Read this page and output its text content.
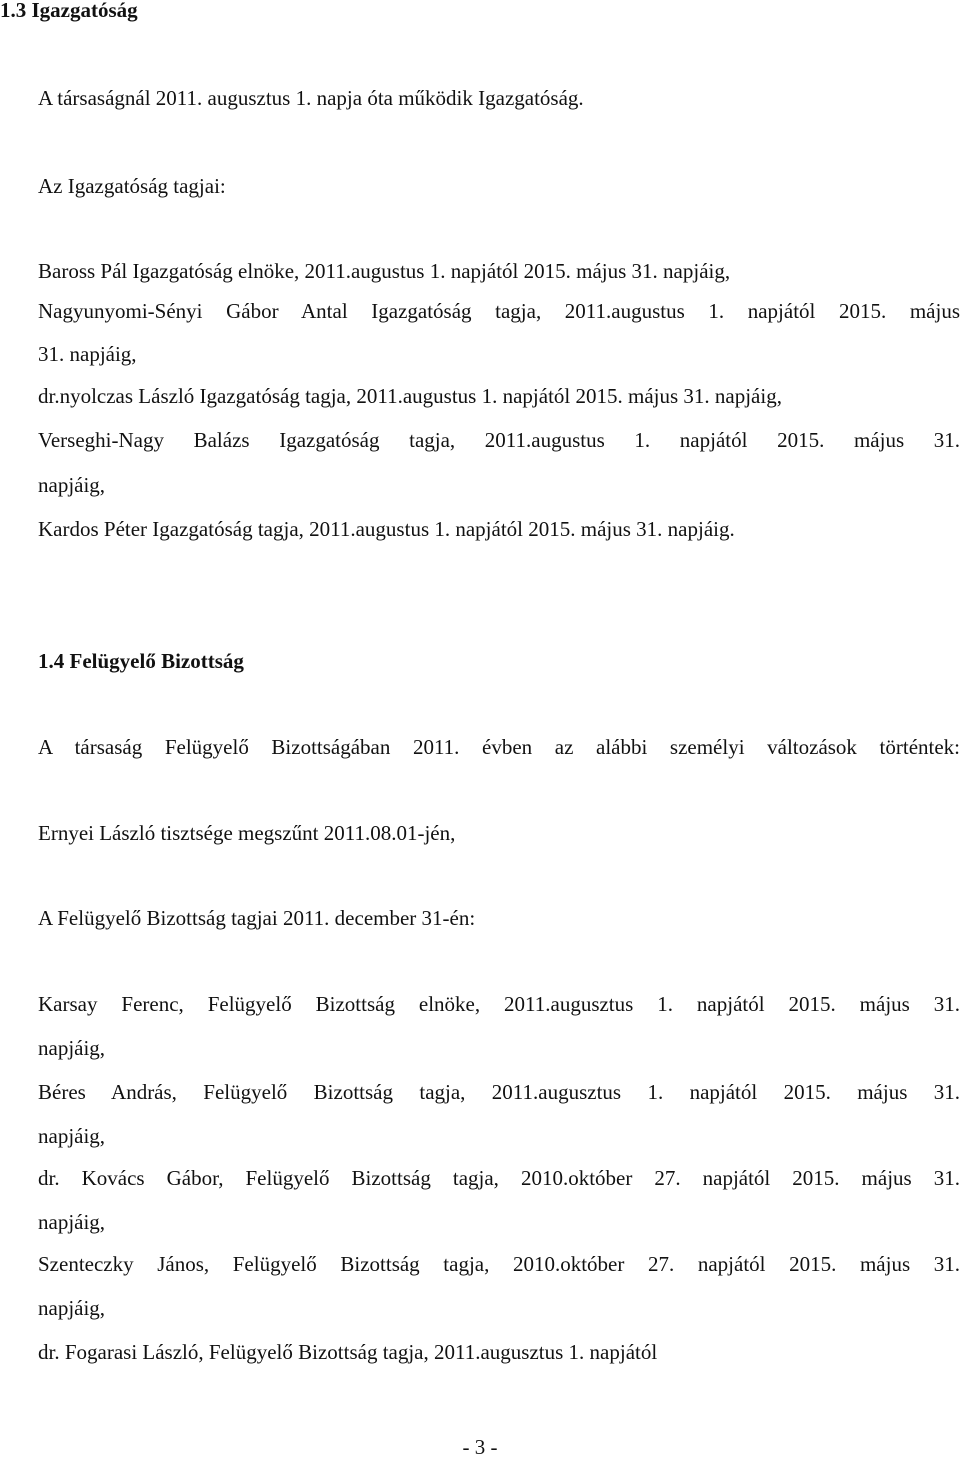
1.3 Igazgatóság
A társaságnál 2011. augusztus 1. napja óta működik Igazgatóság.
Az Igazgatóság tagjai:
Baross Pál Igazgatóság elnöke, 2011.augustus 1. napjától 2015. május 31. napjáig,
Nagyunyomi-Sényi Gábor Antal Igazgatóság tagja, 2011.augustus 1. napjától 2015. május
31. napjáig,
dr.nyolczas László Igazgatóság tagja, 2011.augustus 1. napjától 2015. május 31. napjáig,
Verseghi-Nagy Balázs Igazgatóság tagja, 2011.augustus 1. napjától 2015. május 31.
napjáig,
Kardos Péter Igazgatóság tagja, 2011.augustus 1. napjától 2015. május 31. napjáig.
1.4 Felügyelő Bizottság
A társaság Felügyelő Bizottságában 2011. évben az alábbi személyi változások történtek:
Ernyei László tisztsége megszűnt 2011.08.01-jén,
A Felügyelő Bizottság tagjai 2011. december 31-én:
Karsay Ferenc, Felügyelő Bizottság elnöke, 2011.augusztus 1. napjától 2015. május 31.
napjáig,
Béres András, Felügyelő Bizottság tagja, 2011.augusztus 1. napjától 2015. május 31.
napjáig,
dr. Kovács Gábor, Felügyelő Bizottság tagja, 2010.október 27. napjától 2015. május 31.
napjáig,
Szenteczky János, Felügyelő Bizottság tagja, 2010.október 27. napjától 2015. május 31.
napjáig,
dr. Fogarasi László, Felügyelő Bizottság tagja, 2011.augusztus 1. napjától
- 3 -
